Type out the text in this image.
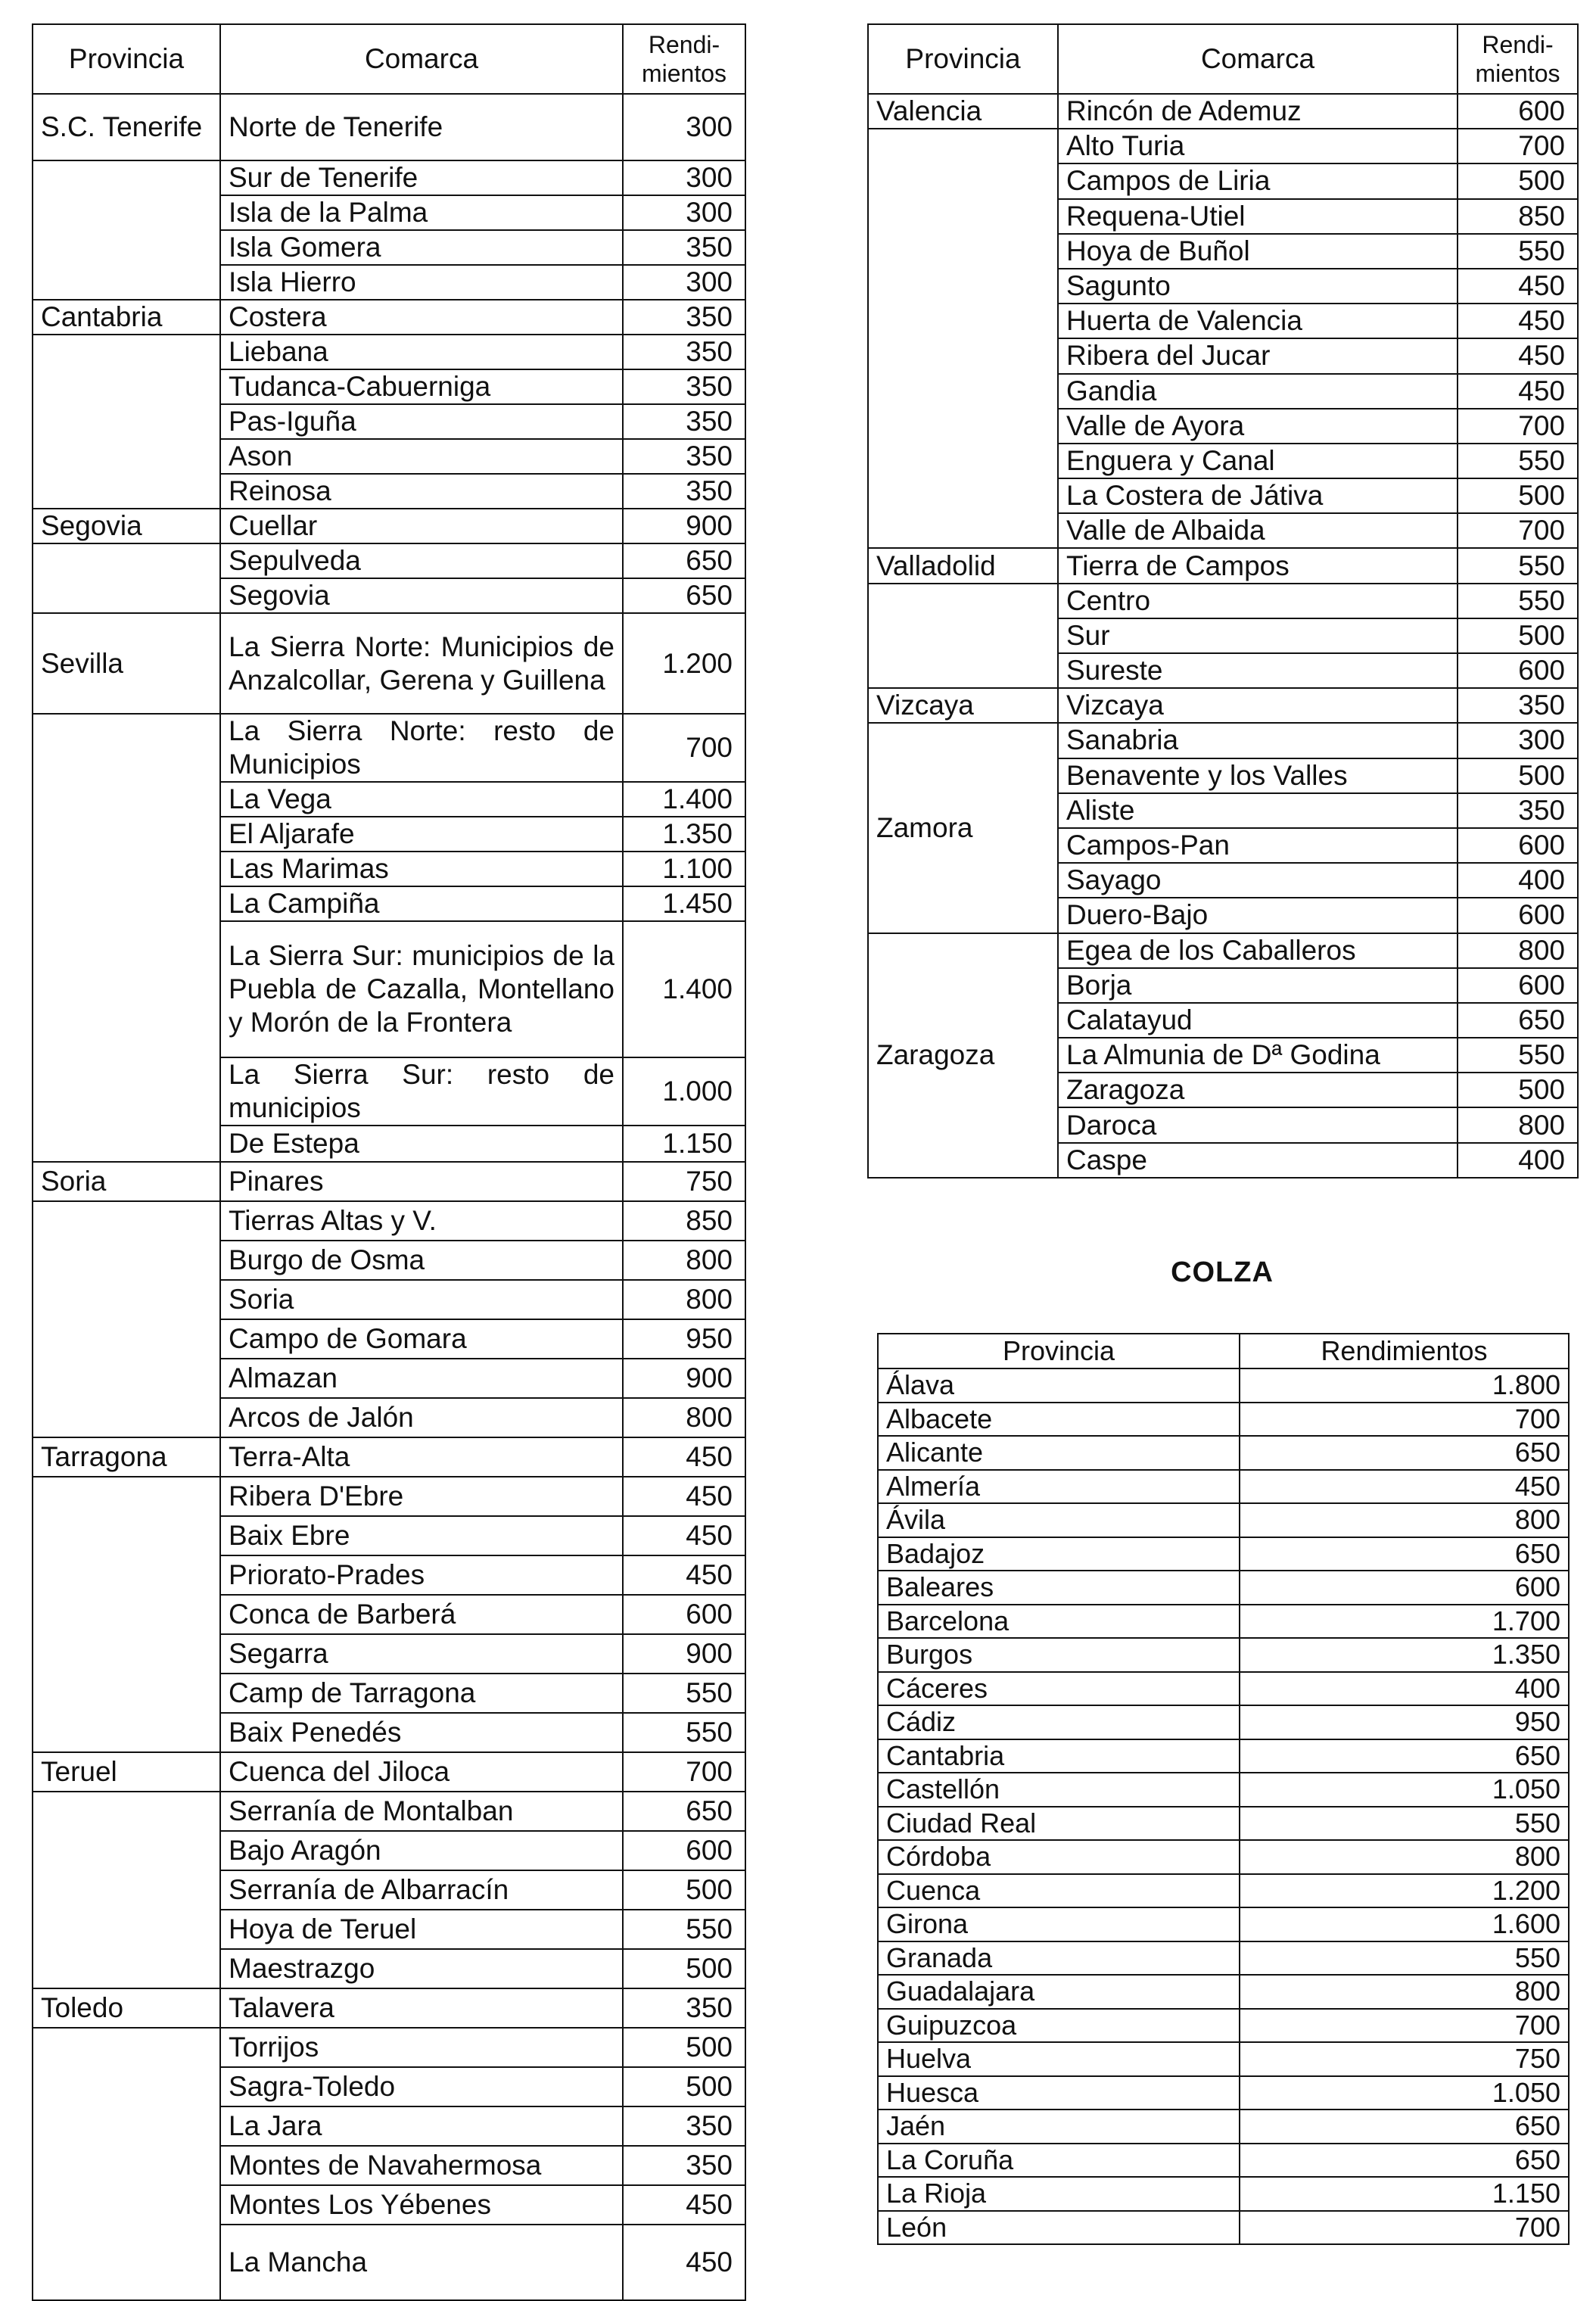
Provincia	Comarca	Rendi-
mientos

S.C. Tenerife	Norte de Tenerife	300
	Sur de Tenerife	300
	Isla de la Palma	300
	Isla Gomera	350
	Isla Hierro	300
Cantabria	Costera	350
	Liebana	350
	Tudanca-Cabuerniga	350
	Pas-Iguña	350
	Ason	350
	Reinosa	350
Segovia	Cuellar	900
	Sepulveda	650
	Segovia	650
Sevilla	La Sierra Norte: Municipios de Anzalcollar, Gerena y Guillena	1.200
	La Sierra Norte: resto de Municipios	700
	La Vega	1.400
	El Aljarafe	1.350
	Las Marimas	1.100
	La Campiña	1.450
	La Sierra Sur: municipios de la Puebla de Cazalla, Montellano y Morón de la Frontera	1.400
	La Sierra Sur: resto de municipios	1.000
	De Estepa	1.150
Soria	Pinares	750
	Tierras Altas y V.	850
	Burgo de Osma	800
	Soria	800
	Campo de Gomara	950
	Almazan	900
	Arcos de Jalón	800
Tarragona	Terra-Alta	450
	Ribera D'Ebre	450
	Baix Ebre	450
	Priorato-Prades	450
	Conca de Barberá	600
	Segarra	900
	Camp de Tarragona	550
	Baix Penedés	550
Teruel	Cuenca del Jiloca	700
	Serranía de Montalban	650
	Bajo Aragón	600
	Serranía de Albarracín	500
	Hoya de Teruel	550
	Maestrazgo	500
Toledo	Talavera	350
	Torrijos	500
	Sagra-Toledo	500
	La Jara	350
	Montes de Navahermosa	350
	Montes Los Yébenes	450
	La Mancha	450
Provincia	Comarca	Rendi-
mientos

Valencia	Rincón de Ademuz	600
	Alto Turia	700
	Campos de Liria	500
	Requena-Utiel	850
	Hoya de Buñol	550
	Sagunto	450
	Huerta de Valencia	450
	Ribera del Jucar	450
	Gandia	450
	Valle de Ayora	700
	Enguera y Canal	550
	La Costera de Játiva	500
	Valle de Albaida	700
Valladolid	Tierra de Campos	550
	Centro	550
	Sur	500
	Sureste	600
Vizcaya	Vizcaya	350
Zamora	Sanabria	300
	Benavente y los Valles	500
	Aliste	350
	Campos-Pan	600
	Sayago	400
	Duero-Bajo	600
Zaragoza	Egea de los Caballeros	800
	Borja	600
	Calatayud	650
	La Almunia de Dª Godina	550
	Zaragoza	500
	Daroca	800
	Caspe	400
COLZA
Provincia	Rendimientos
Álava	1.800
Albacete	700
Alicante	650
Almería	450
Ávila	800
Badajoz	650
Baleares	600
Barcelona	1.700
Burgos	1.350
Cáceres	400
Cádiz	950
Cantabria	650
Castellón	1.050
Ciudad Real	550
Córdoba	800
Cuenca	1.200
Girona	1.600
Granada	550
Guadalajara	800
Guipuzcoa	700
Huelva	750
Huesca	1.050
Jaén	650
La Coruña	650
La Rioja	1.150
León	700
